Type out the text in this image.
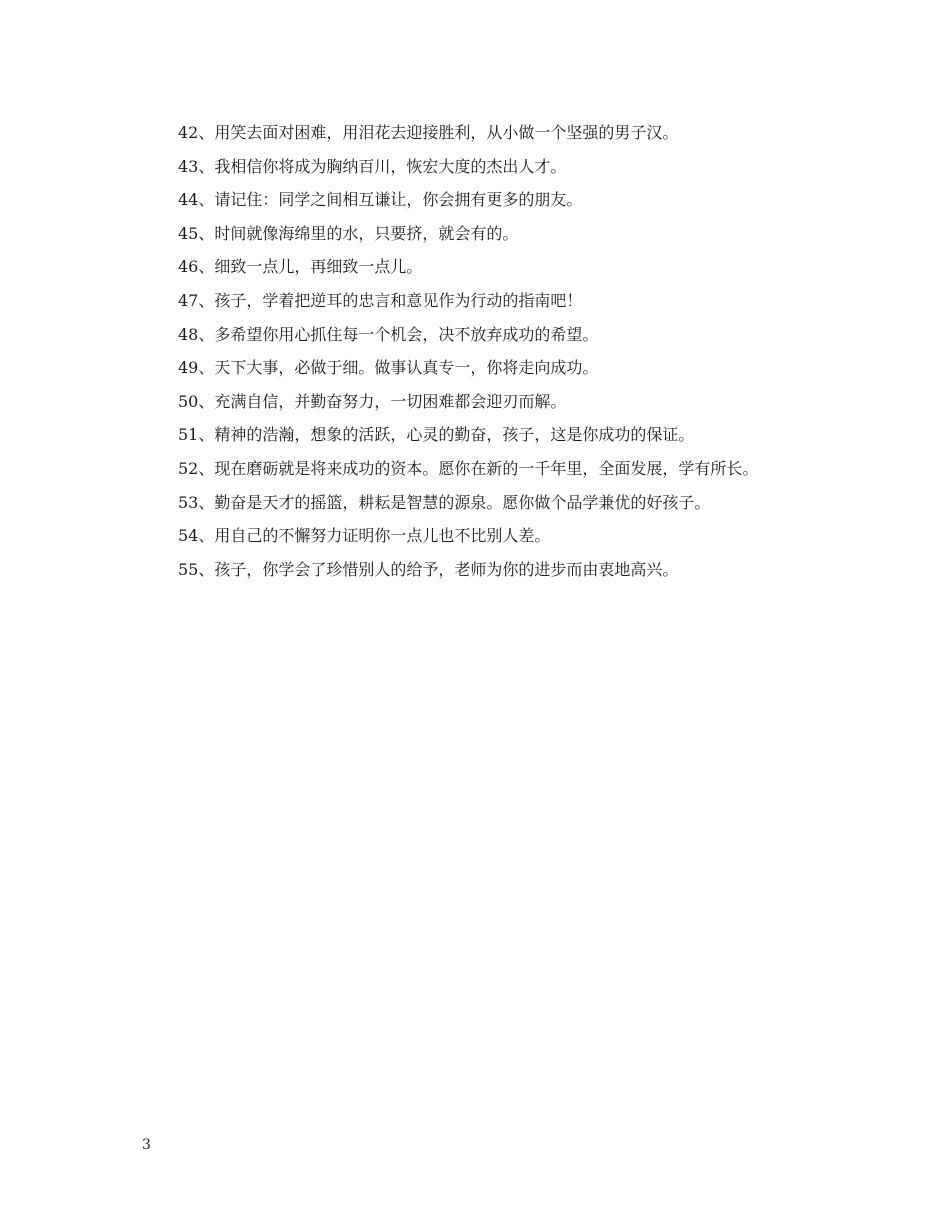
42、用笑去面对困难，用泪花去迎接胜利，从小做一个坚强的男子汉。

43、我相信你将成为胸纳百川，恢宏大度的杰出人才。

44、请记住：同学之间相互谦让，你会拥有更多的朋友。

45、时间就像海绵里的水，只要挤，就会有的。

46、细致一点儿，再细致一点儿。

47、孩子，学着把逆耳的忠言和意见作为行动的指南吧！

48、多希望你用心抓住每一个机会，决不放弃成功的希望。

49、天下大事，必做于细。做事认真专一，你将走向成功。

50、充满自信，并勤奋努力，一切困难都会迎刃而解。

51、精神的浩瀚，想象的活跃，心灵的勤奋，孩子，这是你成功的保证。

52、现在磨砺就是将来成功的资本。愿你在新的一千年里，全面发展，学有所长。

53、勤奋是天才的摇篮，耕耘是智慧的源泉。愿你做个品学兼优的好孩子。

54、用自己的不懈努力证明你一点儿也不比别人差。

55、孩子，你学会了珍惜别人的给予，老师为你的进步而由衷地高兴。

3
